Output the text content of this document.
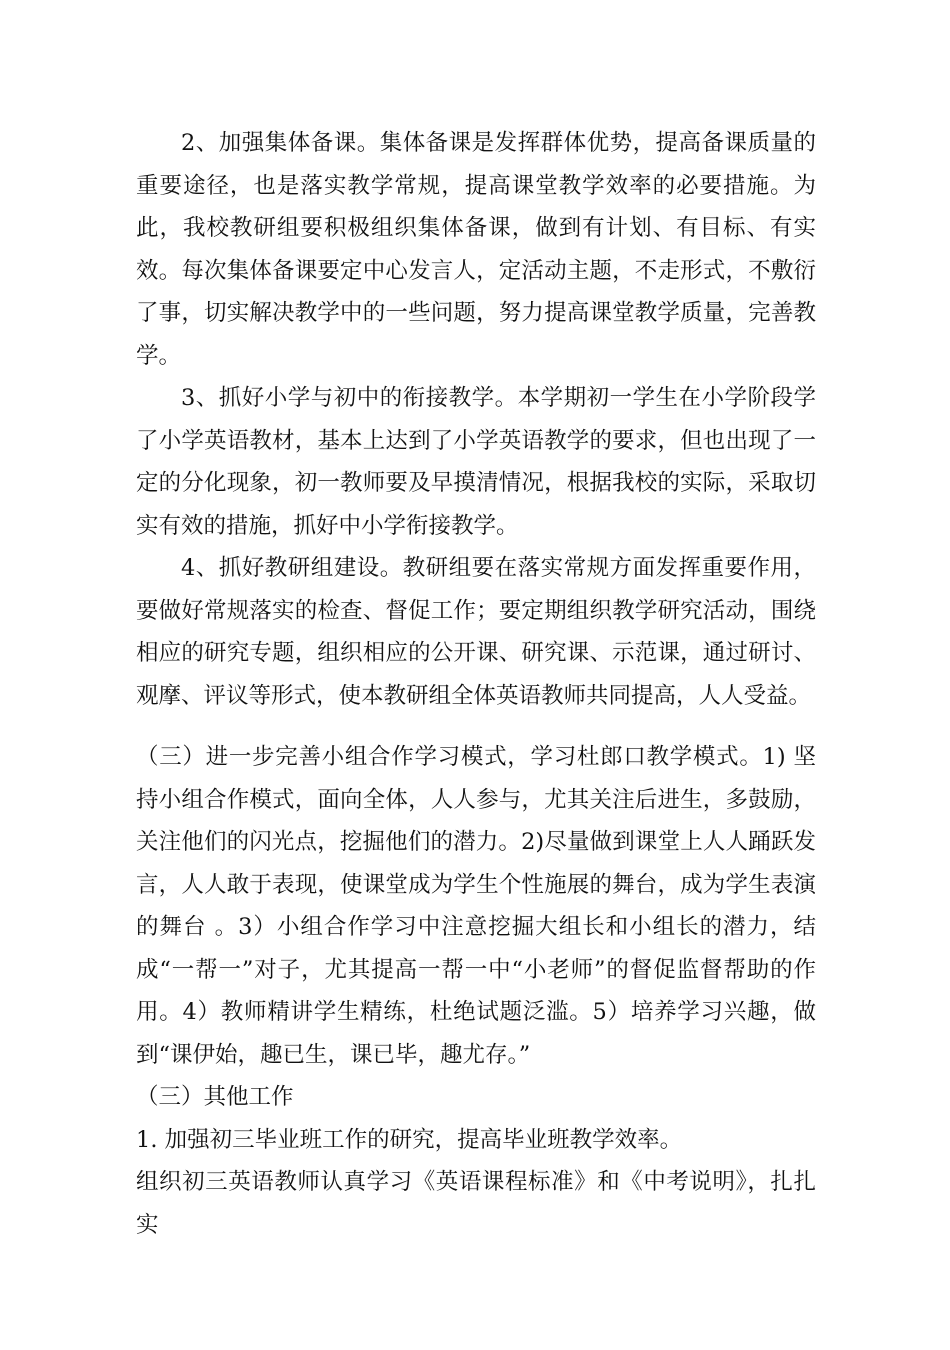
2、加强集体备课。集体备课是发挥群体优势，提高备课质量的重要途径，也是落实教学常规，提高课堂教学效率的必要措施。为此，我校教研组要积极组织集体备课，做到有计划、有目标、有实效。每次集体备课要定中心发言人，定活动主题，不走形式，不敷衍了事，切实解决教学中的一些问题，努力提高课堂教学质量，完善教学。

3、抓好小学与初中的衔接教学。本学期初一学生在小学阶段学了小学英语教材，基本上达到了小学英语教学的要求，但也出现了一定的分化现象，初一教师要及早摸清情况，根据我校的实际，采取切实有效的措施，抓好中小学衔接教学。

4、抓好教研组建设。教研组要在落实常规方面发挥重要作用，要做好常规落实的检查、督促工作；要定期组织教学研究活动，围绕相应的研究专题，组织相应的公开课、研究课、示范课，通过研讨、观摩、评议等形式，使本教研组全体英语教师共同提高，人人受益。

（三）进一步完善小组合作学习模式，学习杜郎口教学模式。1) 坚持小组合作模式，面向全体，人人参与，尤其关注后进生，多鼓励，关注他们的闪光点，挖掘他们的潜力。2)尽量做到课堂上人人踊跃发言，人人敢于表现，使课堂成为学生个性施展的舞台，成为学生表演的舞台 。3）小组合作学习中注意挖掘大组长和小组长的潜力，结成“一帮一”对子，尤其提高一帮一中“小老师”的督促监督帮助的作用。4）教师精讲学生精练，杜绝试题泛滥。5）培养学习兴趣，做到“课伊始，趣已生，课已毕，趣尤存。”

（三）其他工作

1. 加强初三毕业班工作的研究，提高毕业班教学效率。

组织初三英语教师认真学习《英语课程标准》和《中考说明》，扎扎实
